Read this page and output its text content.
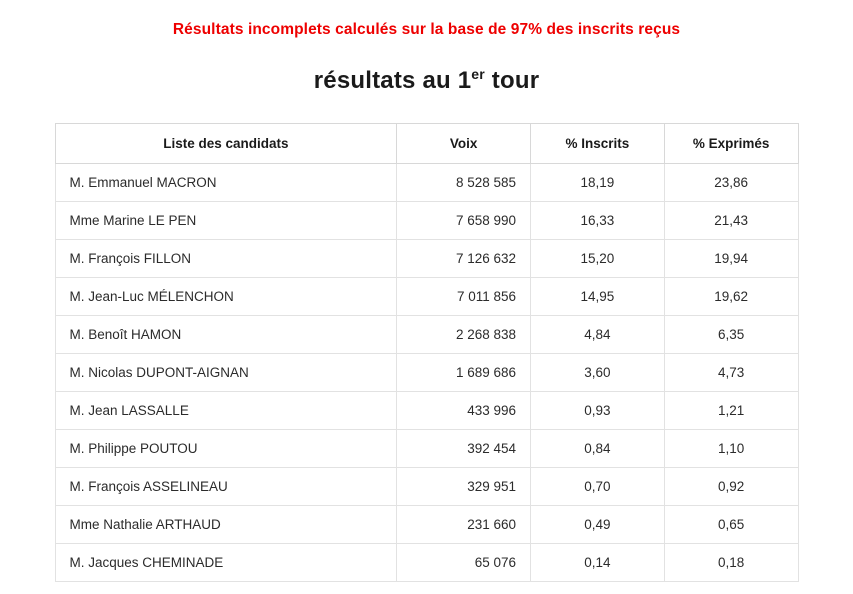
Résultats incomplets calculés sur la base de 97% des inscrits reçus
résultats au 1er tour
Liste des candidats	Voix	% Inscrits	% Exprimés
M. Emmanuel MACRON	8 528 585	18,19	23,86
Mme Marine LE PEN	7 658 990	16,33	21,43
M. François FILLON	7 126 632	15,20	19,94
M. Jean-Luc MÉLENCHON	7 011 856	14,95	19,62
M. Benoît HAMON	2 268 838	4,84	6,35
M. Nicolas DUPONT-AIGNAN	1 689 686	3,60	4,73
M. Jean LASSALLE	433 996	0,93	1,21
M. Philippe POUTOU	392 454	0,84	1,10
M. François ASSELINEAU	329 951	0,70	0,92
Mme Nathalie ARTHAUD	231 660	0,49	0,65
M. Jacques CHEMINADE	65 076	0,14	0,18
